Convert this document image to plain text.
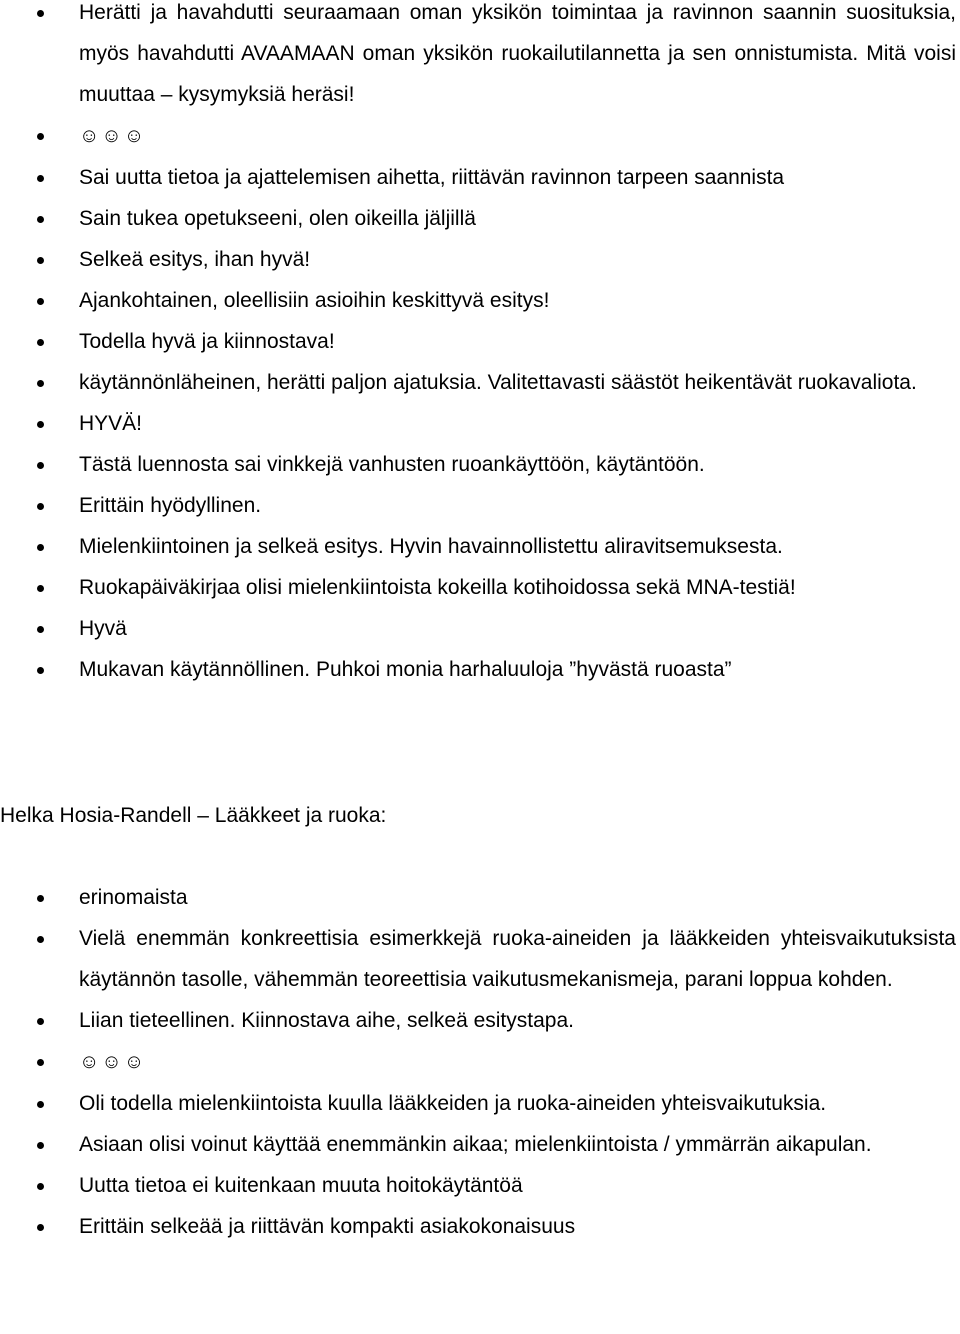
Herätti ja havahdutti seuraamaan oman yksikön toimintaa ja ravinnon saannin suosituksia, myös havahdutti AVAAMAAN oman yksikön ruokailutilannetta ja sen onnistumista. Mitä voisi muuttaa – kysymyksiä heräsi!
☺☺☺
Sai uutta tietoa ja ajattelemisen aihetta, riittävän ravinnon tarpeen saannista
Sain tukea opetukseeni, olen oikeilla jäljillä
Selkeä esitys, ihan hyvä!
Ajankohtainen, oleellisiin asioihin keskittyvä esitys!
Todella hyvä ja kiinnostava!
käytännönläheinen, herätti paljon ajatuksia. Valitettavasti säästöt heikentävät ruokavaliota.
HYVÄ!
Tästä luennosta sai vinkkejä vanhusten ruoankäyttöön, käytäntöön.
Erittäin hyödyllinen.
Mielenkiintoinen ja selkeä esitys. Hyvin havainnollistettu aliravitsemuksesta.
Ruokapäiväkirjaa olisi mielenkiintoista kokeilla kotihoidossa sekä MNA-testiä!
Hyvä
Mukavan käytännöllinen. Puhkoi monia harhaluuloja ”hyvästä ruoasta”
Helka Hosia-Randell – Lääkkeet ja ruoka:
erinomaista
Vielä enemmän konkreettisia esimerkkejä ruoka-aineiden ja lääkkeiden yhteisvaikutuksista käytännön tasolle, vähemmän teoreettisia vaikutusmekanismeja, parani loppua kohden.
Liian tieteellinen. Kiinnostava aihe, selkeä esitystapa.
☺☺☺
Oli todella mielenkiintoista kuulla lääkkeiden ja ruoka-aineiden yhteisvaikutuksia.
Asiaan olisi voinut käyttää enemmänkin aikaa; mielenkiintoista / ymmärrän aikapulan.
Uutta tietoa ei kuitenkaan muuta hoitokäytäntöä
Erittäin selkeää ja riittävän kompakti asiakokonaisuus
